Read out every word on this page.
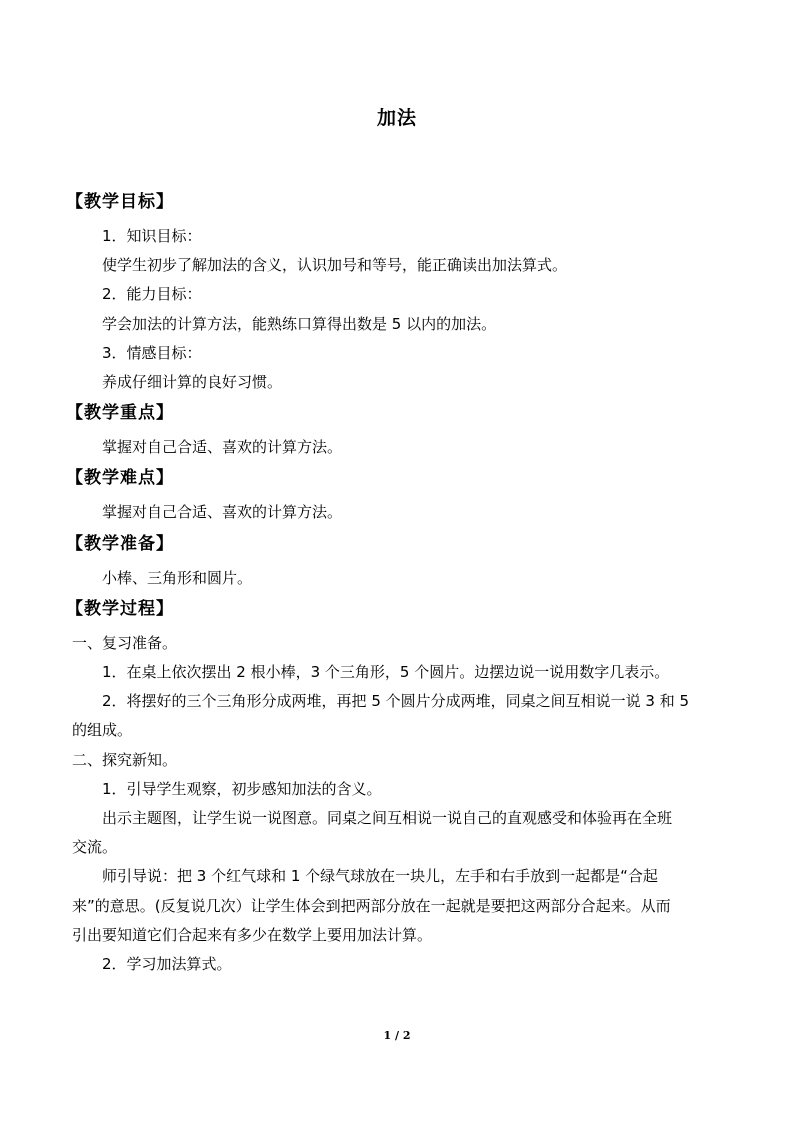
加法
【教学目标】

1．知识目标：

使学生初步了解加法的含义，认识加号和等号，能正确读出加法算式。

2．能力目标：

学会加法的计算方法，能熟练口算得出数是 5 以内的加法。

3．情感目标：

养成仔细计算的良好习惯。

【教学重点】

掌握对自己合适、喜欢的计算方法。

【教学难点】

掌握对自己合适、喜欢的计算方法。

【教学准备】

小棒、三角形和圆片。

【教学过程】

一、复习准备。

1．在桌上依次摆出 2 根小棒，3 个三角形，5 个圆片。边摆边说一说用数字几表示。

2．将摆好的三个三角形分成两堆，再把 5 个圆片分成两堆，同桌之间互相说一说 3 和 5

的组成。

二、探究新知。

1．引导学生观察，初步感知加法的含义。

出示主题图，让学生说一说图意。同桌之间互相说一说自己的直观感受和体验再在全班

交流。

师引导说：把 3 个红气球和 1 个绿气球放在一块儿，左手和右手放到一起都是“合起

来”的意思。(反复说几次）让学生体会到把两部分放在一起就是要把这两部分合起来。从而

引出要知道它们合起来有多少在数学上要用加法计算。

2．学习加法算式。

1 / 2
